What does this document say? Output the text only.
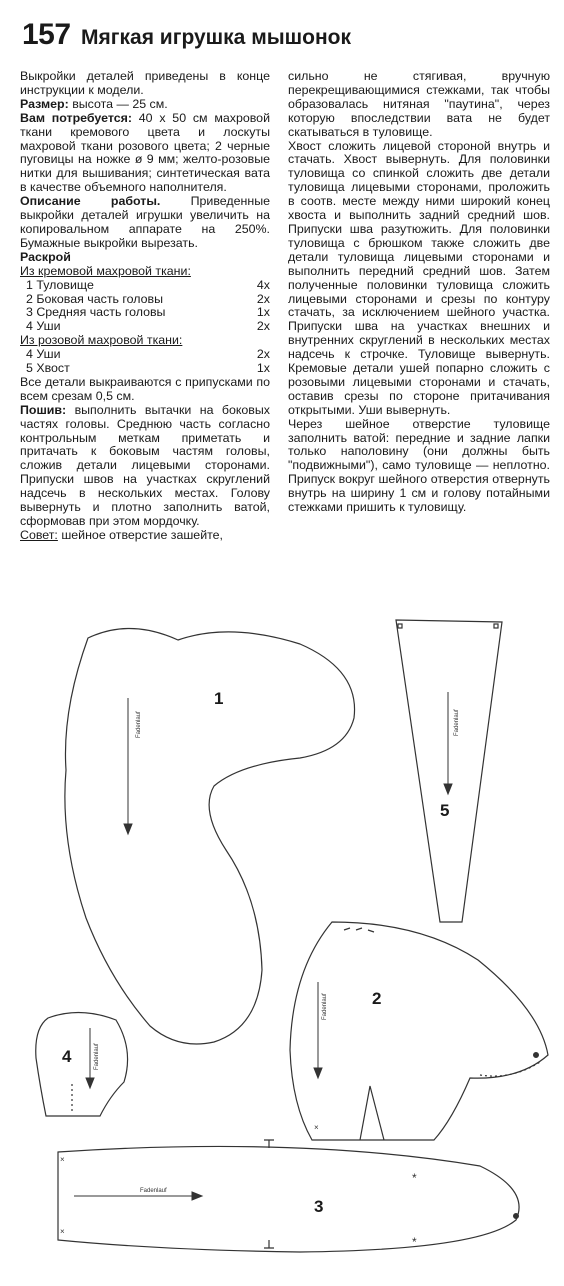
157 Мягкая игрушка мышонок

Выкройки деталей приведены в конце инструкции к модели.

Размер: высота — 25 см.

Вам потребуется: 40 x 50 см махровой ткани кремового цвета и лоскуты махровой ткани розового цвета; 2 черные пуговицы на ножке ø 9 мм; желто-розовые нитки для вышивания; синтетическая вата в качестве объемного наполнителя.

Описание работы. Приведенные выкройки деталей игрушки увеличить на копировальном аппарате на 250%. Бумажные выкройки вырезать.

Раскрой

Из кремовой махровой ткани:

1 Туловище	4x
2 Боковая часть головы	2x
3 Средняя часть головы	1x
4 Уши	2x

Из розовой махровой ткани:

4 Уши	2x
5 Хвост	1x

Все детали выкраиваются с припусками по всем срезам 0,5 см.

Пошив: выполнить вытачки на боковых частях головы. Среднюю часть согласно контрольным меткам приметать и притачать к боковым частям головы, сложив детали лицевыми сторонами. Припуски швов на участках скруглений надсечь в нескольких местах. Голову вывернуть и плотно заполнить ватой, сформовав при этом мордочку.

Совет: шейное отверстие зашейте,

сильно не стягивая, вручную перекрещивающимися стежками, так чтобы образовалась нитяная "паутина", через которую впоследствии вата не будет скатываться в туловище.

Хвост сложить лицевой стороной внутрь и стачать. Хвост вывернуть. Для половинки туловища со спинкой сложить две детали туловища лицевыми сторонами, проложить в соотв. месте между ними широкий конец хвоста и выполнить задний средний шов. Припуски шва разутюжить. Для половинки туловища с брюшком также сложить две детали туловища лицевыми сторонами и выполнить передний средний шов. Затем полученные половинки туловища сложить лицевыми сторонами и срезы по контуру стачать, за исключением шейного участка. Припуски шва на участках внешних и внутренних скруглений в нескольких местах надсечь к строчке. Туловище вывернуть. Кремовые детали ушей попарно сложить с розовыми лицевыми сторонами и стачать, оставив срезы по стороне притачивания открытыми. Уши вывернуть.

Через шейное отверстие туловище заполнить ватой: передние и задние лапки только наполовину (они должны быть "подвижными"), само туловище — неплотно. Припуск вокруг шейного отверстия отвернуть внутрь на ширину 1 см и голову потайными стежками пришить к туловищу.

×
×
×
*
*
Fadenlauf	Fadenlauf
Fadenlauf
Fadenlauf
Fadenlauf
1
2
3
4
5
